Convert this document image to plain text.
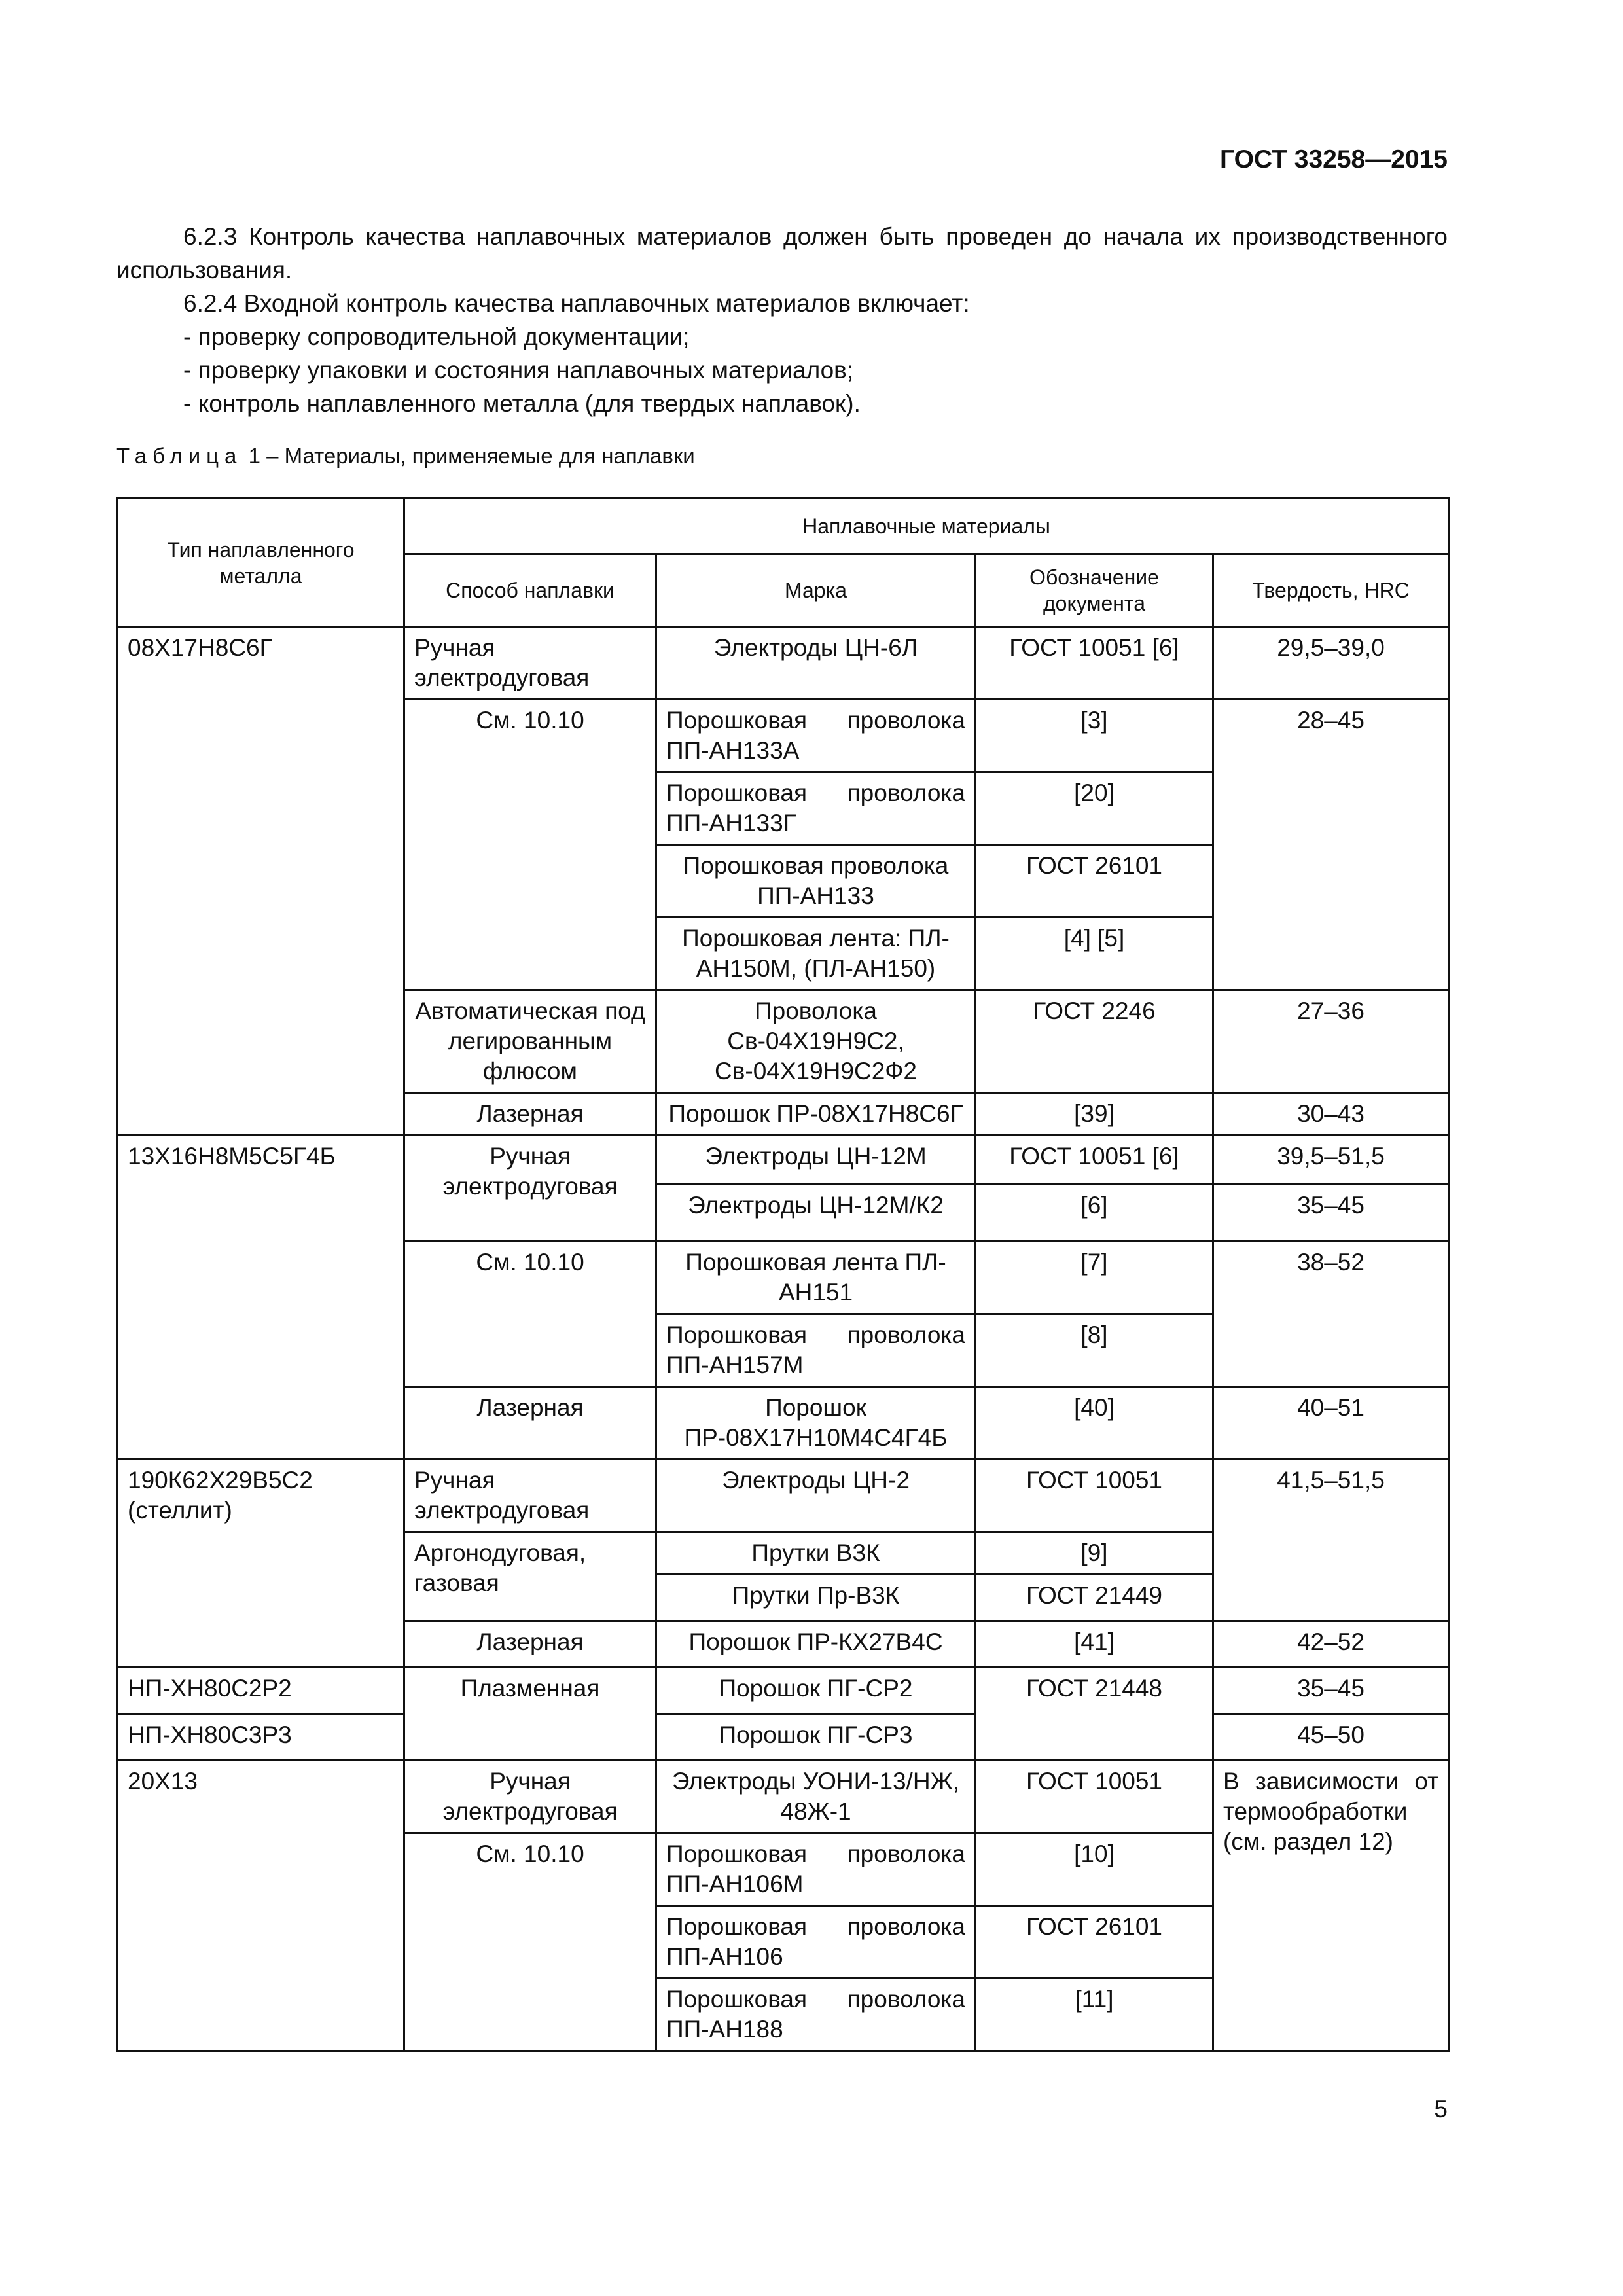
ГОСТ 33258—2015

6.2.3 Контроль качества наплавочных материалов должен быть проведен до начала их производственного использования.

6.2.4 Входной контроль качества наплавочных материалов включает:

- проверку сопроводительной документации;

- проверку упаковки и состояния наплавочных материалов;

- контроль наплавленного металла (для твердых наплавок).

Таблица 1 – Материалы, применяемые для наплавки
Тип наплавленного металла	Наплавочные материалы			
	Способ наплавки	Марка	Обозначение документа	Твердость, HRC
08Х17Н8С6Г	Ручная электродуговая	Электроды ЦН-6Л	ГОСТ 10051 [6]	29,5–39,0
	См. 10.10	Порошковая проволока ПП-АН133А	[3]	28–45
		Порошковая проволока ПП-АН133Г	[20]	
		Порошковая проволока ПП-АН133	ГОСТ 26101	
		Порошковая лента: ПЛ-АН150М, (ПЛ-АН150)	[4] [5]	
	Автоматическая под легированным флюсом	Проволока Св-04Х19Н9С2, Св-04Х19Н9С2Ф2	ГОСТ 2246	27–36
	Лазерная	Порошок ПР-08Х17Н8С6Г	[39]	30–43
13Х16Н8М5С5Г4Б	Ручная электродуговая	Электроды ЦН-12М	ГОСТ 10051 [6]	39,5–51,5
		Электроды ЦН-12М/К2	[6]	35–45
	См. 10.10	Порошковая лента ПЛ-АН151	[7]	38–52
		Порошковая проволока ПП-АН157М	[8]	
	Лазерная	Порошок ПР-08Х17Н10М4С4Г4Б	[40]	40–51
190К62Х29В5С2 (стеллит)	Ручная электродуговая	Электроды ЦН-2	ГОСТ 10051	41,5–51,5
	Аргонодуговая, газовая	Прутки В3К	[9]	
		Прутки Пр-В3К	ГОСТ 21449	
	Лазерная	Порошок ПР-КХ27В4С	[41]	42–52
НП-ХН80С2Р2	Плазменная	Порошок ПГ-СР2	ГОСТ 21448	35–45
НП-ХН80С3Р3		Порошок ПГ-СР3		45–50
20Х13	Ручная электродуговая	Электроды УОНИ-13/НЖ, 48Ж-1	ГОСТ 10051	В зависимости от термообработки (см. раздел 12)
	См. 10.10	Порошковая проволока ПП-АН106М	[10]	
		Порошковая проволока ПП-АН106	ГОСТ 26101	
		Порошковая проволока ПП-АН188	[11]	
5
